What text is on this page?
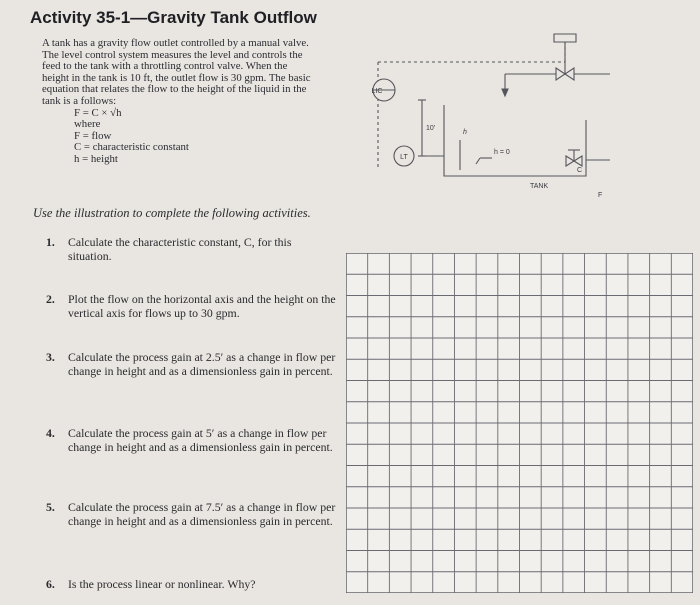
Activity 35-1—Gravity Tank Outflow

A tank has a gravity flow outlet controlled by a manual valve. The level control system measures the level and controls the feed to the tank with a throttling control valve. When the height in the tank is 10 ft, the outlet flow is 30 gpm. The basic equation that relates the flow to the height of the liquid in the tank is a follows:

F = C × √h

where

F = flow

C = characteristic constant

h = height

Use the illustration to complete the following activities.
1. Calculate the characteristic constant, C, for this situation.
2. Plot the flow on the horizontal axis and the height on the vertical axis for flows up to 30 gpm.
3. Calculate the process gain at 2.5′ as a change in flow per change in height and as a dimensionless gain in percent.
4. Calculate the process gain at 5′ as a change in flow per change in height and as a dimensionless gain in percent.
5. Calculate the process gain at 7.5′ as a change in flow per change in height and as a dimensionless gain in percent.
6. Is the process linear or nonlinear. Why?
LIC
LT
10′
h
h = 0
TANK
C
F
